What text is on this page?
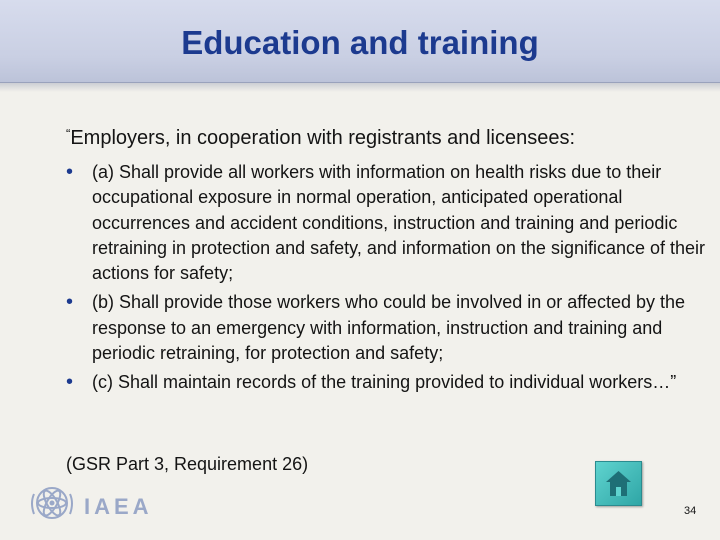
Education and training
“Employers, in cooperation with registrants and licensees:
• (a) Shall provide all workers with information on health risks due to their occupational exposure in normal operation, anticipated operational occurrences and accident conditions, instruction and training and periodic retraining in protection and safety, and information on the significance of their actions for safety;
• (b) Shall provide those workers who could be involved in or affected by the response to an emergency with information, instruction and training and periodic retraining, for protection and safety;
• (c) Shall maintain records of the training provided to individual workers…”
(GSR Part 3, Requirement 26)
IAEA	34
